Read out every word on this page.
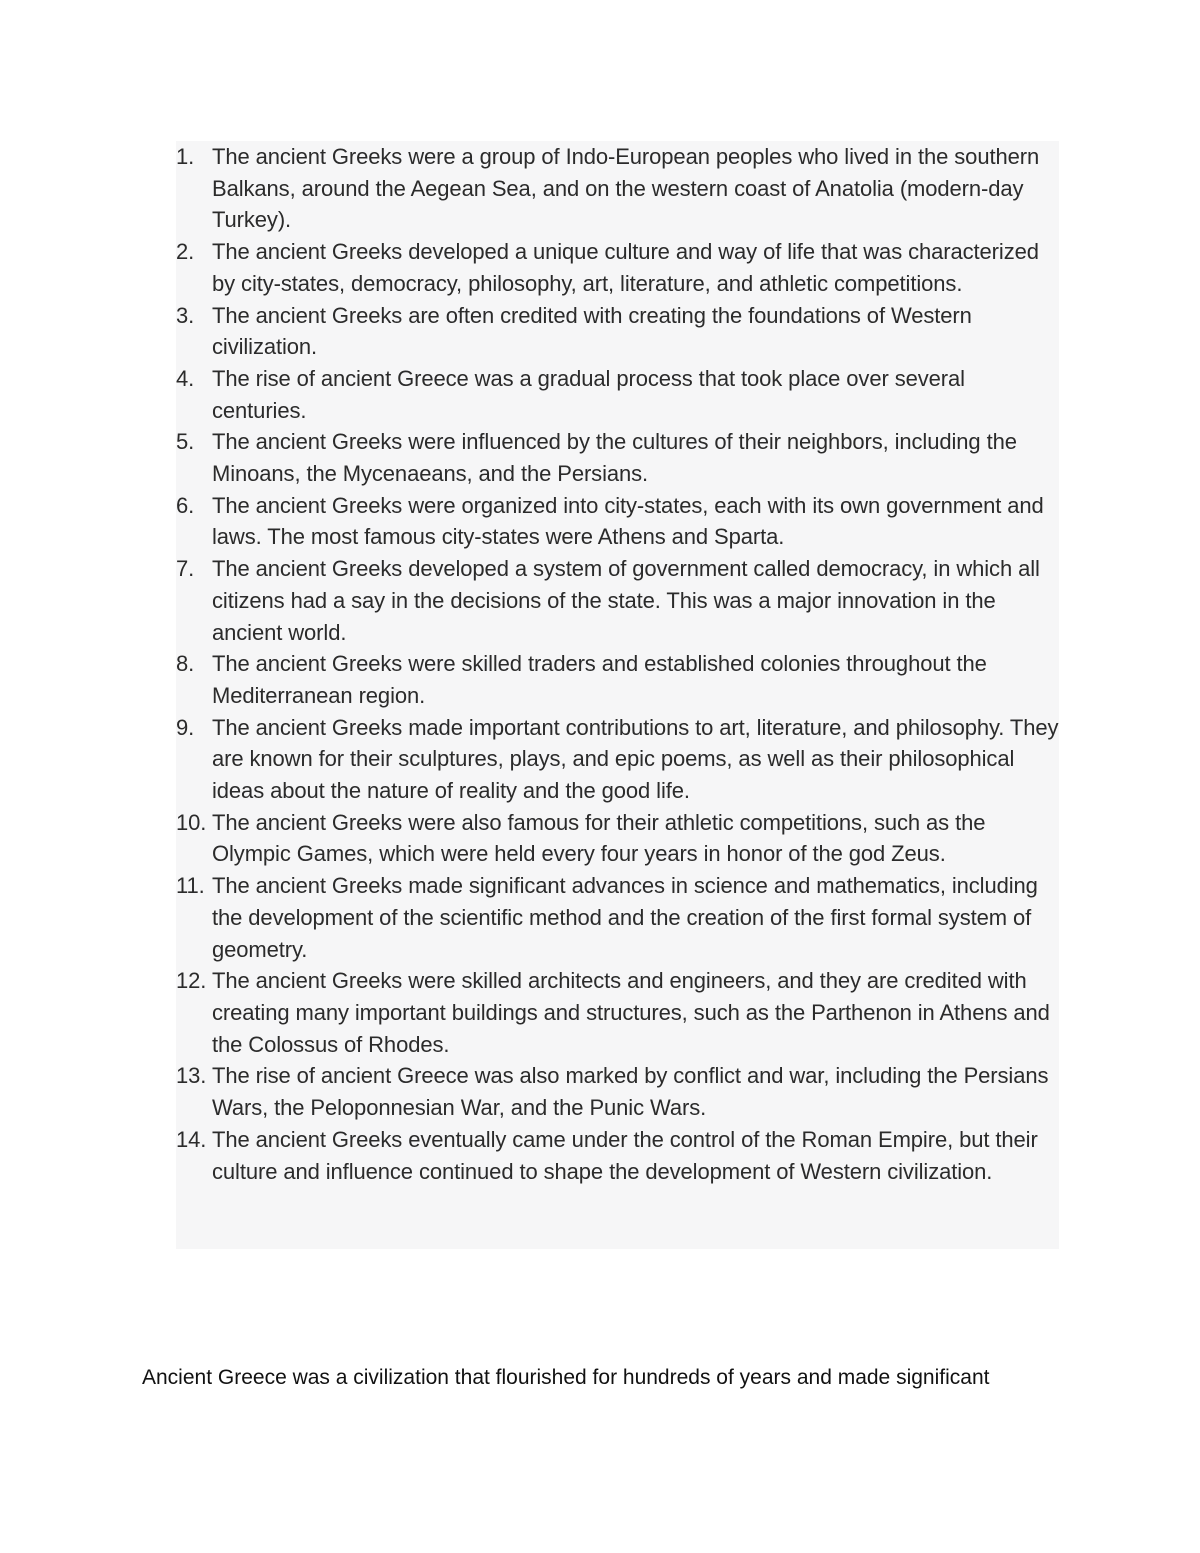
1. The ancient Greeks were a group of Indo-European peoples who lived in the southern Balkans, around the Aegean Sea, and on the western coast of Anatolia (modern-day Turkey).
2. The ancient Greeks developed a unique culture and way of life that was characterized by city-states, democracy, philosophy, art, literature, and athletic competitions.
3. The ancient Greeks are often credited with creating the foundations of Western civilization.
4. The rise of ancient Greece was a gradual process that took place over several centuries.
5. The ancient Greeks were influenced by the cultures of their neighbors, including the Minoans, the Mycenaeans, and the Persians.
6. The ancient Greeks were organized into city-states, each with its own government and laws. The most famous city-states were Athens and Sparta.
7. The ancient Greeks developed a system of government called democracy, in which all citizens had a say in the decisions of the state. This was a major innovation in the ancient world.
8. The ancient Greeks were skilled traders and established colonies throughout the Mediterranean region.
9. The ancient Greeks made important contributions to art, literature, and philosophy. They are known for their sculptures, plays, and epic poems, as well as their philosophical ideas about the nature of reality and the good life.
10. The ancient Greeks were also famous for their athletic competitions, such as the Olympic Games, which were held every four years in honor of the god Zeus.
11. The ancient Greeks made significant advances in science and mathematics, including the development of the scientific method and the creation of the first formal system of geometry.
12. The ancient Greeks were skilled architects and engineers, and they are credited with creating many important buildings and structures, such as the Parthenon in Athens and the Colossus of Rhodes.
13. The rise of ancient Greece was also marked by conflict and war, including the Persians Wars, the Peloponnesian War, and the Punic Wars.
14. The ancient Greeks eventually came under the control of the Roman Empire, but their culture and influence continued to shape the development of Western civilization.

Ancient Greece was a civilization that flourished for hundreds of years and made significant
